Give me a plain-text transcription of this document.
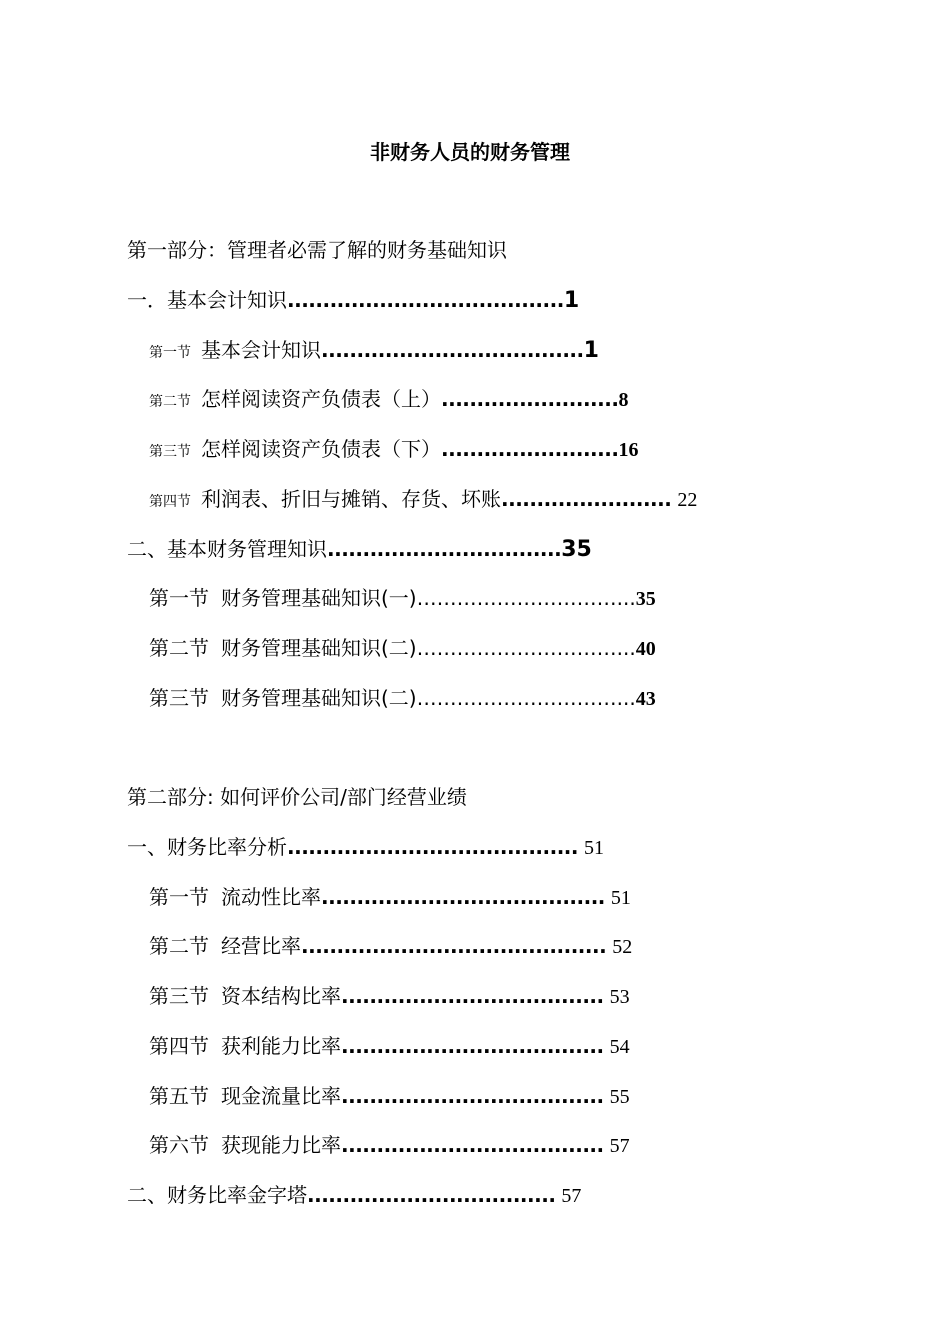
非财务人员的财务管理
第一部分：管理者必需了解的财务基础知识
一．基本会计知识.......................................1
第一节 基本会计知识.....................................1
第二节 怎样阅读资产负债表（上）.........................8
第三节 怎样阅读资产负债表（下）.........................16
第四节 利润表、折旧与摊销、存货、坏账........................ 22
二、基本财务管理知识.................................35
第一节 财务管理基础知识(一)…………………………...35
第二节 财务管理基础知识(二)…………………………...40
第三节 财务管理基础知识(二)…………………………...43
第二部分: 如何评价公司/部门经营业绩
一、财务比率分析......................................... 51
第一节 流动性比率........................................ 51
第二节 经营比率........................................... 52
第三节 资本结构比率..................................... 53
第四节 获利能力比率..................................... 54
第五节 现金流量比率..................................... 55
第六节 获现能力比率..................................... 57
二、财务比率金字塔................................... 57
